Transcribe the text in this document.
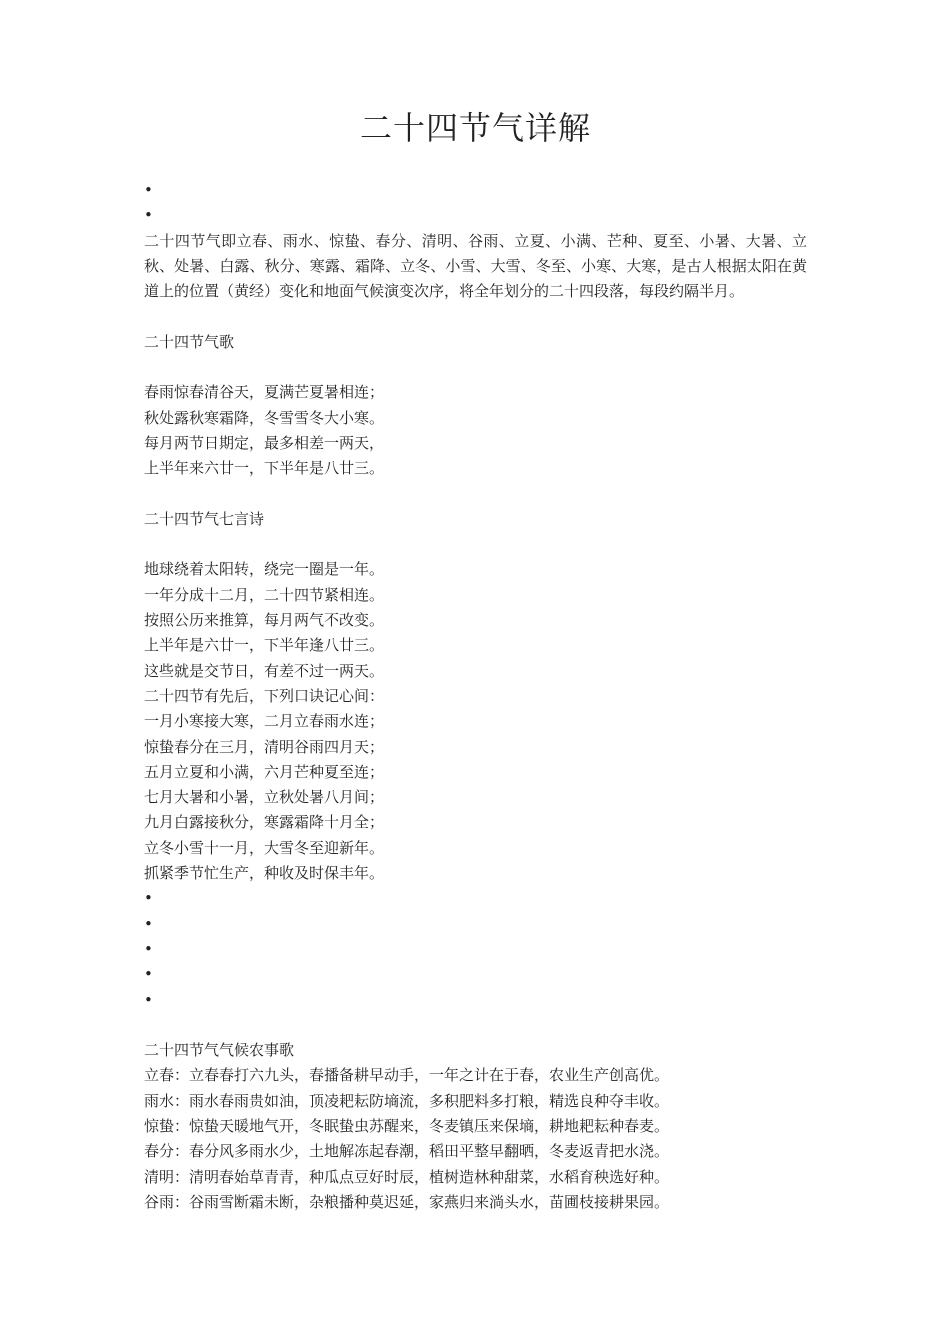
二十四节气详解
•
•

二十四节气即立春、雨水、惊蛰、春分、清明、谷雨、立夏、小满、芒种、夏至、小暑、大暑、立秋、处暑、白露、秋分、寒露、霜降、立冬、小雪、大雪、冬至、小寒、大寒，是古人根据太阳在黄道上的位置（黄经）变化和地面气候演变次序，将全年划分的二十四段落，每段约隔半月。

二十四节气歌

春雨惊春清谷天，夏满芒夏暑相连；

秋处露秋寒霜降，冬雪雪冬大小寒。

每月两节日期定，最多相差一两天，

上半年来六廿一，下半年是八廿三。

二十四节气七言诗

地球绕着太阳转，绕完一圈是一年。

一年分成十二月，二十四节紧相连。

按照公历来推算，每月两气不改变。

上半年是六廿一，下半年逢八廿三。

这些就是交节日，有差不过一两天。

二十四节有先后，下列口诀记心间：

一月小寒接大寒，二月立春雨水连；

惊蛰春分在三月，清明谷雨四月天；

五月立夏和小满，六月芒种夏至连；

七月大暑和小暑，立秋处暑八月间；

九月白露接秋分，寒露霜降十月全；

立冬小雪十一月，大雪冬至迎新年。

抓紧季节忙生产，种收及时保丰年。

•
•
•
•
•

二十四节气气候农事歌

立春：立春春打六九头，春播备耕早动手，一年之计在于春，农业生产创高优。

雨水：雨水春雨贵如油，顶凌耙耘防墒流，多积肥料多打粮，精选良种夺丰收。

惊蛰：惊蛰天暖地气开，冬眠蛰虫苏醒来，冬麦镇压来保墒，耕地耙耘种春麦。

春分：春分风多雨水少，土地解冻起春潮，稻田平整早翻晒，冬麦返青把水浇。

清明：清明春始草青青，种瓜点豆好时辰，植树造林种甜菜，水稻育秧选好种。

谷雨：谷雨雪断霜未断，杂粮播种莫迟延，家燕归来淌头水，苗圃枝接耕果园。
